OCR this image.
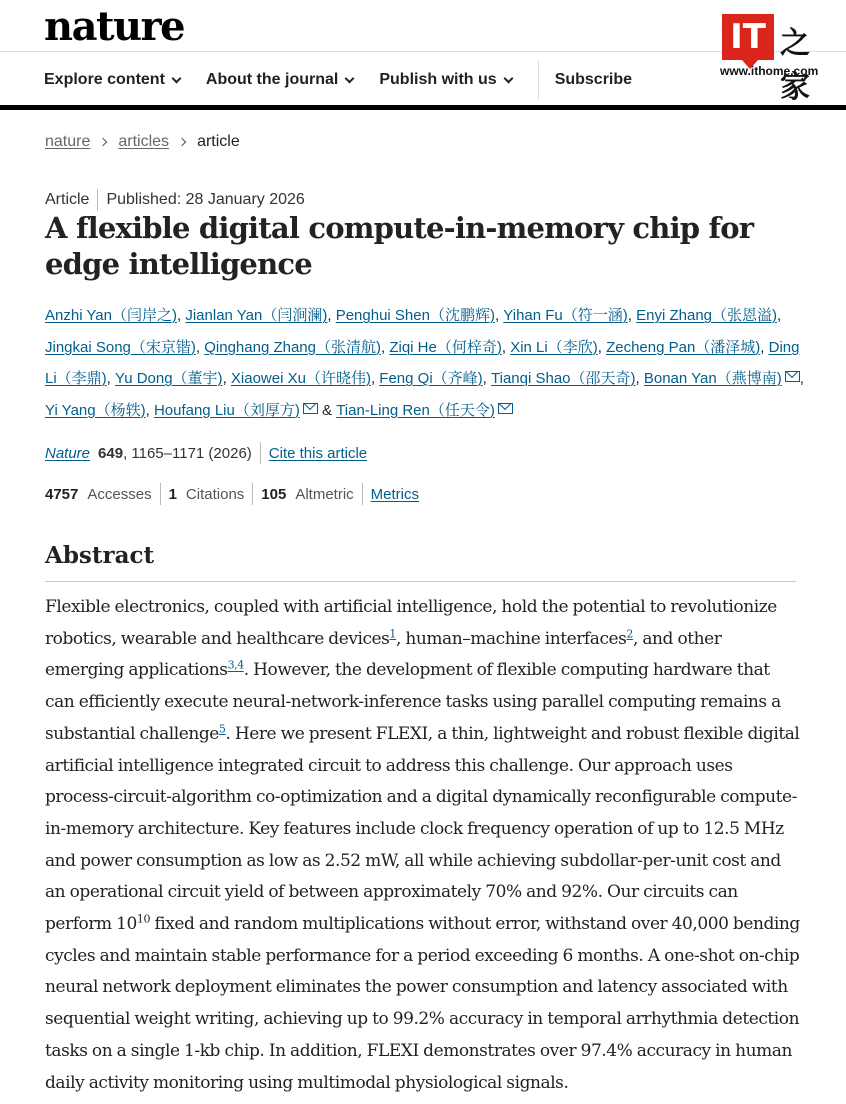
nature
Explore content	About the journal	Publish with us	Subscribe
IT 之家
www.ithome.com
nature articles article
Article Published: 28 January 2026
A flexible digital compute-in-memory chip for edge intelligence
Anzhi Yan（闫岸之), Jianlan Yan（闫涧澜), Penghui Shen（沈鹏辉), Yihan Fu（符一涵), Enyi Zhang（张恩溢), Jingkai Song（宋京锴), Qinghang Zhang（张清航), Ziqi He（何梓奇), Xin Li（李欣), Zecheng Pan（潘泽城), Ding Li（李鼎), Yu Dong（董宇), Xiaowei Xu（许晓伟), Feng Qi（齐峰), Tianqi Shao（邵天奇), Bonan Yan（燕博南) , Yi Yang（杨轶), Houfang Liu（刘厚方) & Tian-Ling Ren（任天令)
Nature 649 , 1165–1171 (2026) Cite this article
4757 Accesses 1 Citations 105 Altmetric Metrics
Abstract

Flexible electronics, coupled with artificial intelligence, hold the potential to revolutionize robotics, wearable and healthcare devices$^1$, human–machine interfaces$^2$, and other emerging applications$^{3,4}$. However, the development of flexible computing hardware that can efficiently execute neural-network-inference tasks using parallel computing remains a substantial challenge$^5$. Here we present FLEXI, a thin, lightweight and robust flexible digital artificial intelligence integrated circuit to address this challenge. Our approach uses process-circuit-algorithm co-optimization and a digital dynamically reconfigurable compute-in-memory architecture. Key features include clock frequency operation of up to 12.5 MHz and power consumption as low as 2.52 mW, all while achieving subdollar-per-unit cost and an operational circuit yield of between approximately 70% and 92%. Our circuits can perform $10^{10}$ fixed and random multiplications without error, withstand over 40,000 bending cycles and maintain stable performance for a period exceeding 6 months. A one-shot on-chip neural network deployment eliminates the power consumption and latency associated with sequential weight writing, achieving up to 99.2% accuracy in temporal arrhythmia detection tasks on a single 1-kb chip. In addition, FLEXI demonstrates over 97.4% accuracy in human daily activity monitoring using multimodal physiological signals.
